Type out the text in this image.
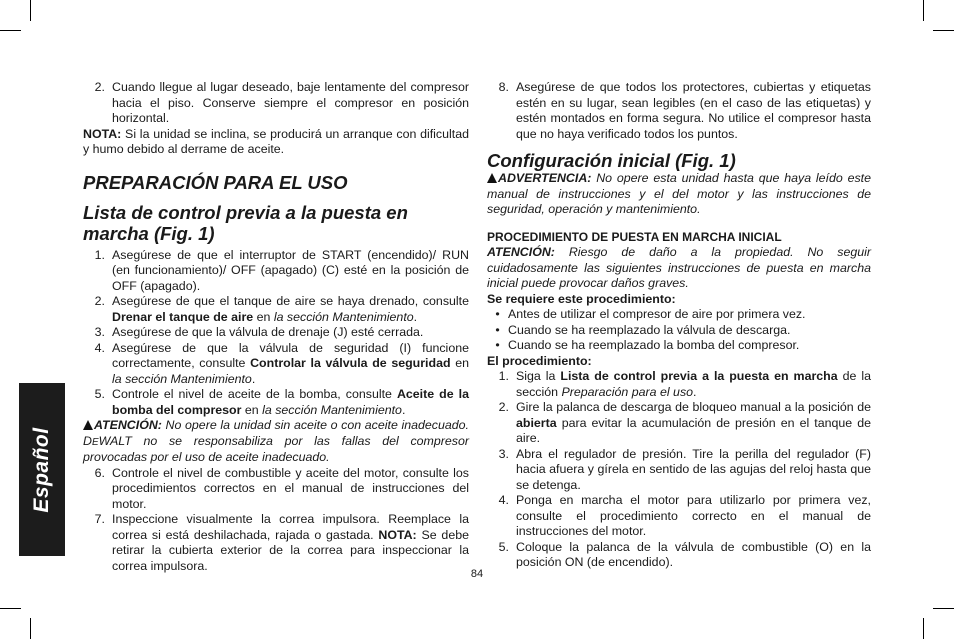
Español
2. Cuando llegue al lugar deseado, baje lentamente del compresor hacia el piso. Conserve siempre el compresor en posición horizontal.

NOTA: Si la unidad se inclina, se producirá un arranque con dificultad y humo debido al derrame de aceite.

PREPARACIÓN PARA EL USO
Lista de control previa a la puesta en marcha (Fig. 1)
1. Asegúrese de que el interruptor de START (encendido)/ RUN (en funcionamiento)/ OFF (apagado) (C) esté en la posición de OFF (apagado).
2. Asegúrese de que el tanque de aire se haya drenado, consulte Drenar el tanque de aire en la sección Mantenimiento.
3. Asegúrese de que la válvula de drenaje (J) esté cerrada.
4. Asegúrese de que la válvula de seguridad (I) funcione correctamente, consulte Controlar la válvula de seguridad en la sección Mantenimiento.
5. Controle el nivel de aceite de la bomba, consulte Aceite de la bomba del compresor en la sección Mantenimiento.

ATENCIÓN: No opere la unidad sin aceite o con aceite inadecuado. DEWALT no se responsabiliza por las fallas del compresor provocadas por el uso de aceite inadecuado.

6. Controle el nivel de combustible y aceite del motor, consulte los procedimientos correctos en el manual de instrucciones del motor.
7. Inspeccione visualmente la correa impulsora. Reemplace la correa si está deshilachada, rajada o gastada. NOTA: Se debe retirar la cubierta exterior de la correa para inspeccionar la correa impulsora.
8. Asegúrese de que todos los protectores, cubiertas y etiquetas estén en su lugar, sean legibles (en el caso de las etiquetas) y estén montados en forma segura. No utilice el compresor hasta que no haya verificado todos los puntos.
Configuración inicial (Fig. 1)

ADVERTENCIA: No opere esta unidad hasta que haya leído este manual de instrucciones y el del motor y las instrucciones de seguridad, operación y mantenimiento.

PROCEDIMIENTO DE PUESTA EN MARCHA INICIAL

ATENCIÓN: Riesgo de daño a la propiedad. No seguir cuidadosamente las siguientes instrucciones de puesta en marcha inicial puede provocar daños graves.

Se requiere este procedimiento:

• Antes de utilizar el compresor de aire por primera vez.
• Cuando se ha reemplazado la válvula de descarga.
• Cuando se ha reemplazado la bomba del compresor.

El procedimiento:

1. Siga la Lista de control previa a la puesta en marcha de la sección Preparación para el uso.
2. Gire la palanca de descarga de bloqueo manual a la posición de abierta para evitar la acumulación de presión en el tanque de aire.
3. Abra el regulador de presión. Tire la perilla del regulador (F) hacia afuera y gírela en sentido de las agujas del reloj hasta que se detenga.
4. Ponga en marcha el motor para utilizarlo por primera vez, consulte el procedimiento correcto en el manual de instrucciones del motor.
5. Coloque la palanca de la válvula de combustible (O) en la posición ON (de encendido).
84
